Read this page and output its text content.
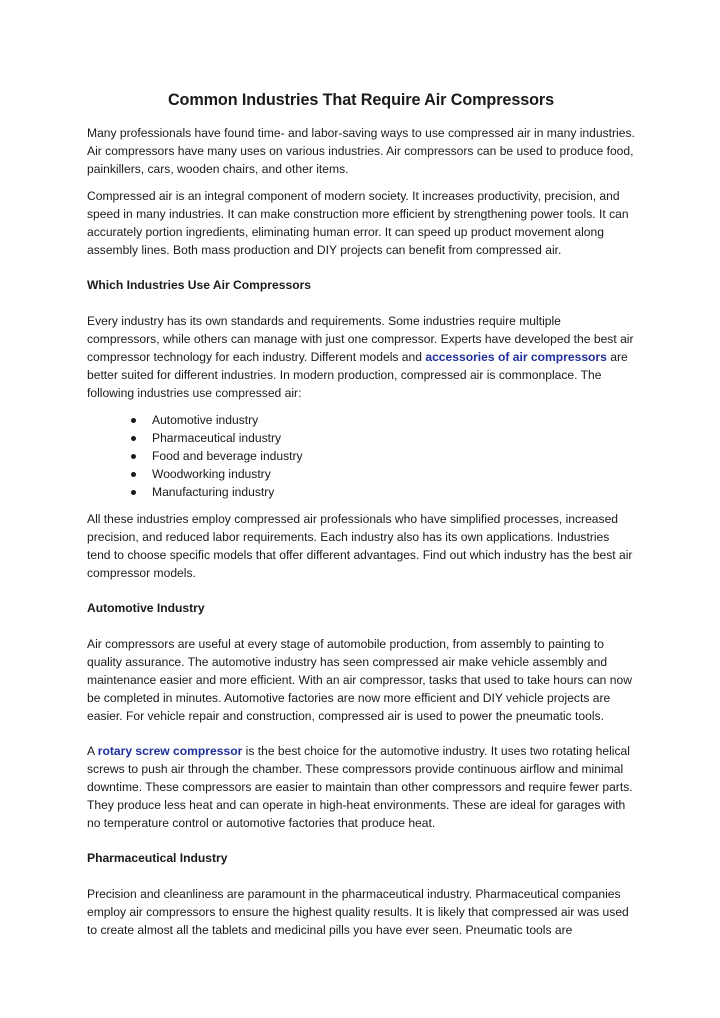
Common Industries That Require Air Compressors

Many professionals have found time- and labor-saving ways to use compressed air in many industries. Air compressors have many uses on various industries. Air compressors can be used to produce food, painkillers, cars, wooden chairs, and other items.

Compressed air is an integral component of modern society. It increases productivity, precision, and speed in many industries. It can make construction more efficient by strengthening power tools. It can accurately portion ingredients, eliminating human error. It can speed up product movement along assembly lines. Both mass production and DIY projects can benefit from compressed air.

Which Industries Use Air Compressors

Every industry has its own standards and requirements. Some industries require multiple compressors, while others can manage with just one compressor. Experts have developed the best air compressor technology for each industry. Different models and accessories of air compressors are better suited for different industries. In modern production, compressed air is commonplace. The following industries use compressed air:

Automotive industry
Pharmaceutical industry
Food and beverage industry
Woodworking industry
Manufacturing industry

All these industries employ compressed air professionals who have simplified processes, increased precision, and reduced labor requirements. Each industry also has its own applications. Industries tend to choose specific models that offer different advantages. Find out which industry has the best air compressor models.

Automotive Industry

Air compressors are useful at every stage of automobile production, from assembly to painting to quality assurance. The automotive industry has seen compressed air make vehicle assembly and maintenance easier and more efficient. With an air compressor, tasks that used to take hours can now be completed in minutes. Automotive factories are now more efficient and DIY vehicle projects are easier. For vehicle repair and construction, compressed air is used to power the pneumatic tools.

A rotary screw compressor is the best choice for the automotive industry. It uses two rotating helical screws to push air through the chamber. These compressors provide continuous airflow and minimal downtime. These compressors are easier to maintain than other compressors and require fewer parts. They produce less heat and can operate in high-heat environments. These are ideal for garages with no temperature control or automotive factories that produce heat.

Pharmaceutical Industry

Precision and cleanliness are paramount in the pharmaceutical industry. Pharmaceutical companies employ air compressors to ensure the highest quality results. It is likely that compressed air was used to create almost all the tablets and medicinal pills you have ever seen. Pneumatic tools are
